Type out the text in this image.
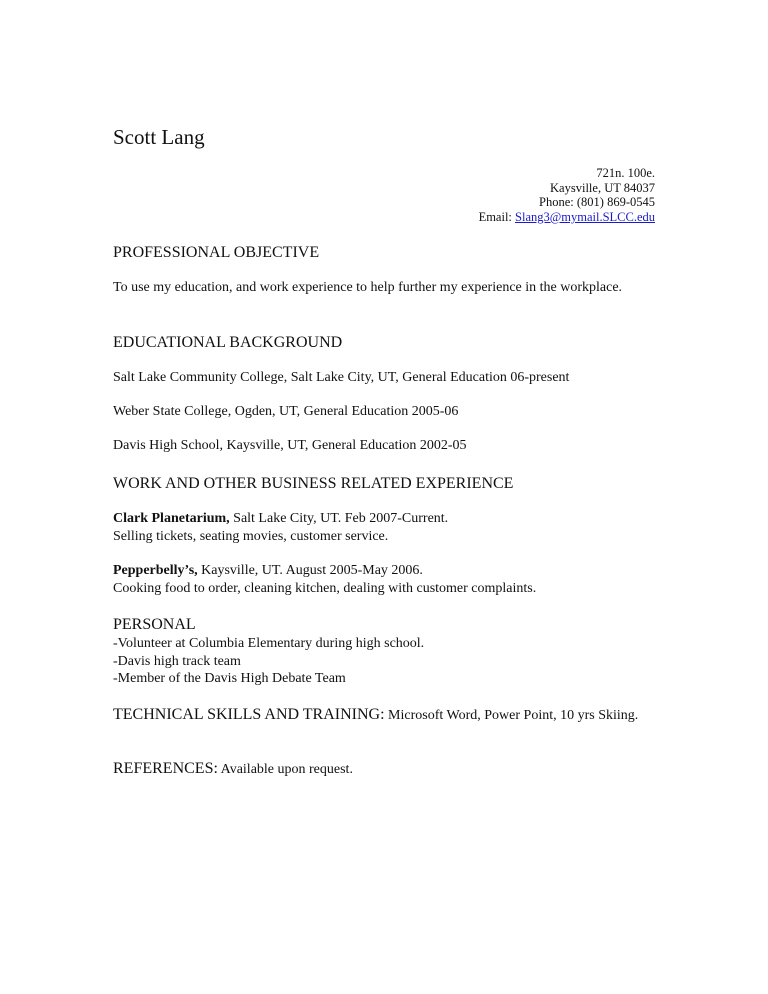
Scott Lang
721n. 100e.
Kaysville, UT 84037
Phone: (801) 869-0545
Email: Slang3@mymail.SLCC.edu
PROFESSIONAL OBJECTIVE
To use my education, and work experience to help further my experience in the workplace.
EDUCATIONAL BACKGROUND
Salt Lake Community College, Salt Lake City, UT, General Education 06-present
Weber State College, Ogden, UT, General Education 2005-06
Davis High School, Kaysville, UT, General Education 2002-05
WORK AND OTHER BUSINESS RELATED EXPERIENCE
Clark Planetarium, Salt Lake City, UT. Feb 2007-Current.
Selling tickets, seating movies, customer service.
Pepperbelly’s, Kaysville, UT. August 2005-May 2006.
Cooking food to order, cleaning kitchen, dealing with customer complaints.
PERSONAL
-Volunteer at Columbia Elementary during high school.
-Davis high track team
-Member of the Davis High Debate Team
TECHNICAL SKILLS AND TRAINING: Microsoft Word, Power Point, 10 yrs Skiing.
REFERENCES: Available upon request.
